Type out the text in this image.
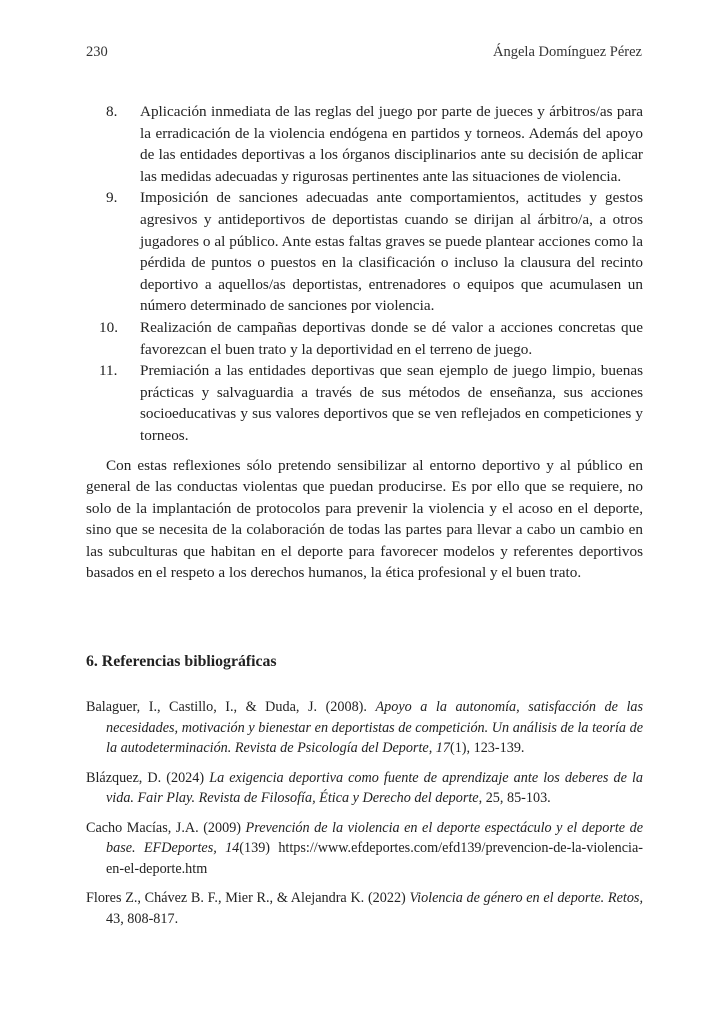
230	Ángela Domínguez Pérez
8. Aplicación inmediata de las reglas del juego por parte de jueces y árbitros/as para la erradicación de la violencia endógena en partidos y torneos. Además del apoyo de las entidades deportivas a los órganos disciplinarios ante su decisión de aplicar las medidas adecuadas y rigurosas pertinentes ante las situaciones de violencia.
9. Imposición de sanciones adecuadas ante comportamientos, actitudes y gestos agresivos y antideportivos de deportistas cuando se dirijan al árbitro/a, a otros jugadores o al público. Ante estas faltas graves se puede plantear acciones como la pérdida de puntos o puestos en la clasificación o incluso la clausura del recinto deportivo a aquellos/as deportistas, entrenadores o equipos que acumulasen un número determinado de sanciones por violencia.
10. Realización de campañas deportivas donde se dé valor a acciones concretas que favorezcan el buen trato y la deportividad en el terreno de juego.
11. Premiación a las entidades deportivas que sean ejemplo de juego limpio, buenas prácticas y salvaguardia a través de sus métodos de enseñanza, sus acciones socioeducativas y sus valores deportivos que se ven reflejados en competiciones y torneos.

Con estas reflexiones sólo pretendo sensibilizar al entorno deportivo y al público en general de las conductas violentas que puedan producirse. Es por ello que se requiere, no solo de la implantación de protocolos para prevenir la violencia y el acoso en el deporte, sino que se necesita de la colaboración de todas las partes para llevar a cabo un cambio en las subculturas que habitan en el deporte para favorecer modelos y referentes deportivos basados en el respeto a los derechos humanos, la ética profesional y el buen trato.

6. Referencias bibliográficas

Balaguer, I., Castillo, I., & Duda, J. (2008). Apoyo a la autonomía, satisfacción de las necesidades, motivación y bienestar en deportistas de competición. Un análisis de la teoría de la autodeterminación. Revista de Psicología del Deporte, 17(1), 123-139.

Blázquez, D. (2024) La exigencia deportiva como fuente de aprendizaje ante los deberes de la vida. Fair Play. Revista de Filosofía, Ética y Derecho del deporte, 25, 85-103.

Cacho Macías, J.A. (2009) Prevención de la violencia en el deporte espectáculo y el deporte de base. EFDeportes, 14(139) https://www.efdeportes.com/efd139/prevencion-de-la-violencia-en-el-deporte.htm

Flores Z., Chávez B. F., Mier R., & Alejandra K. (2022) Violencia de género en el deporte. Retos, 43, 808-817.
